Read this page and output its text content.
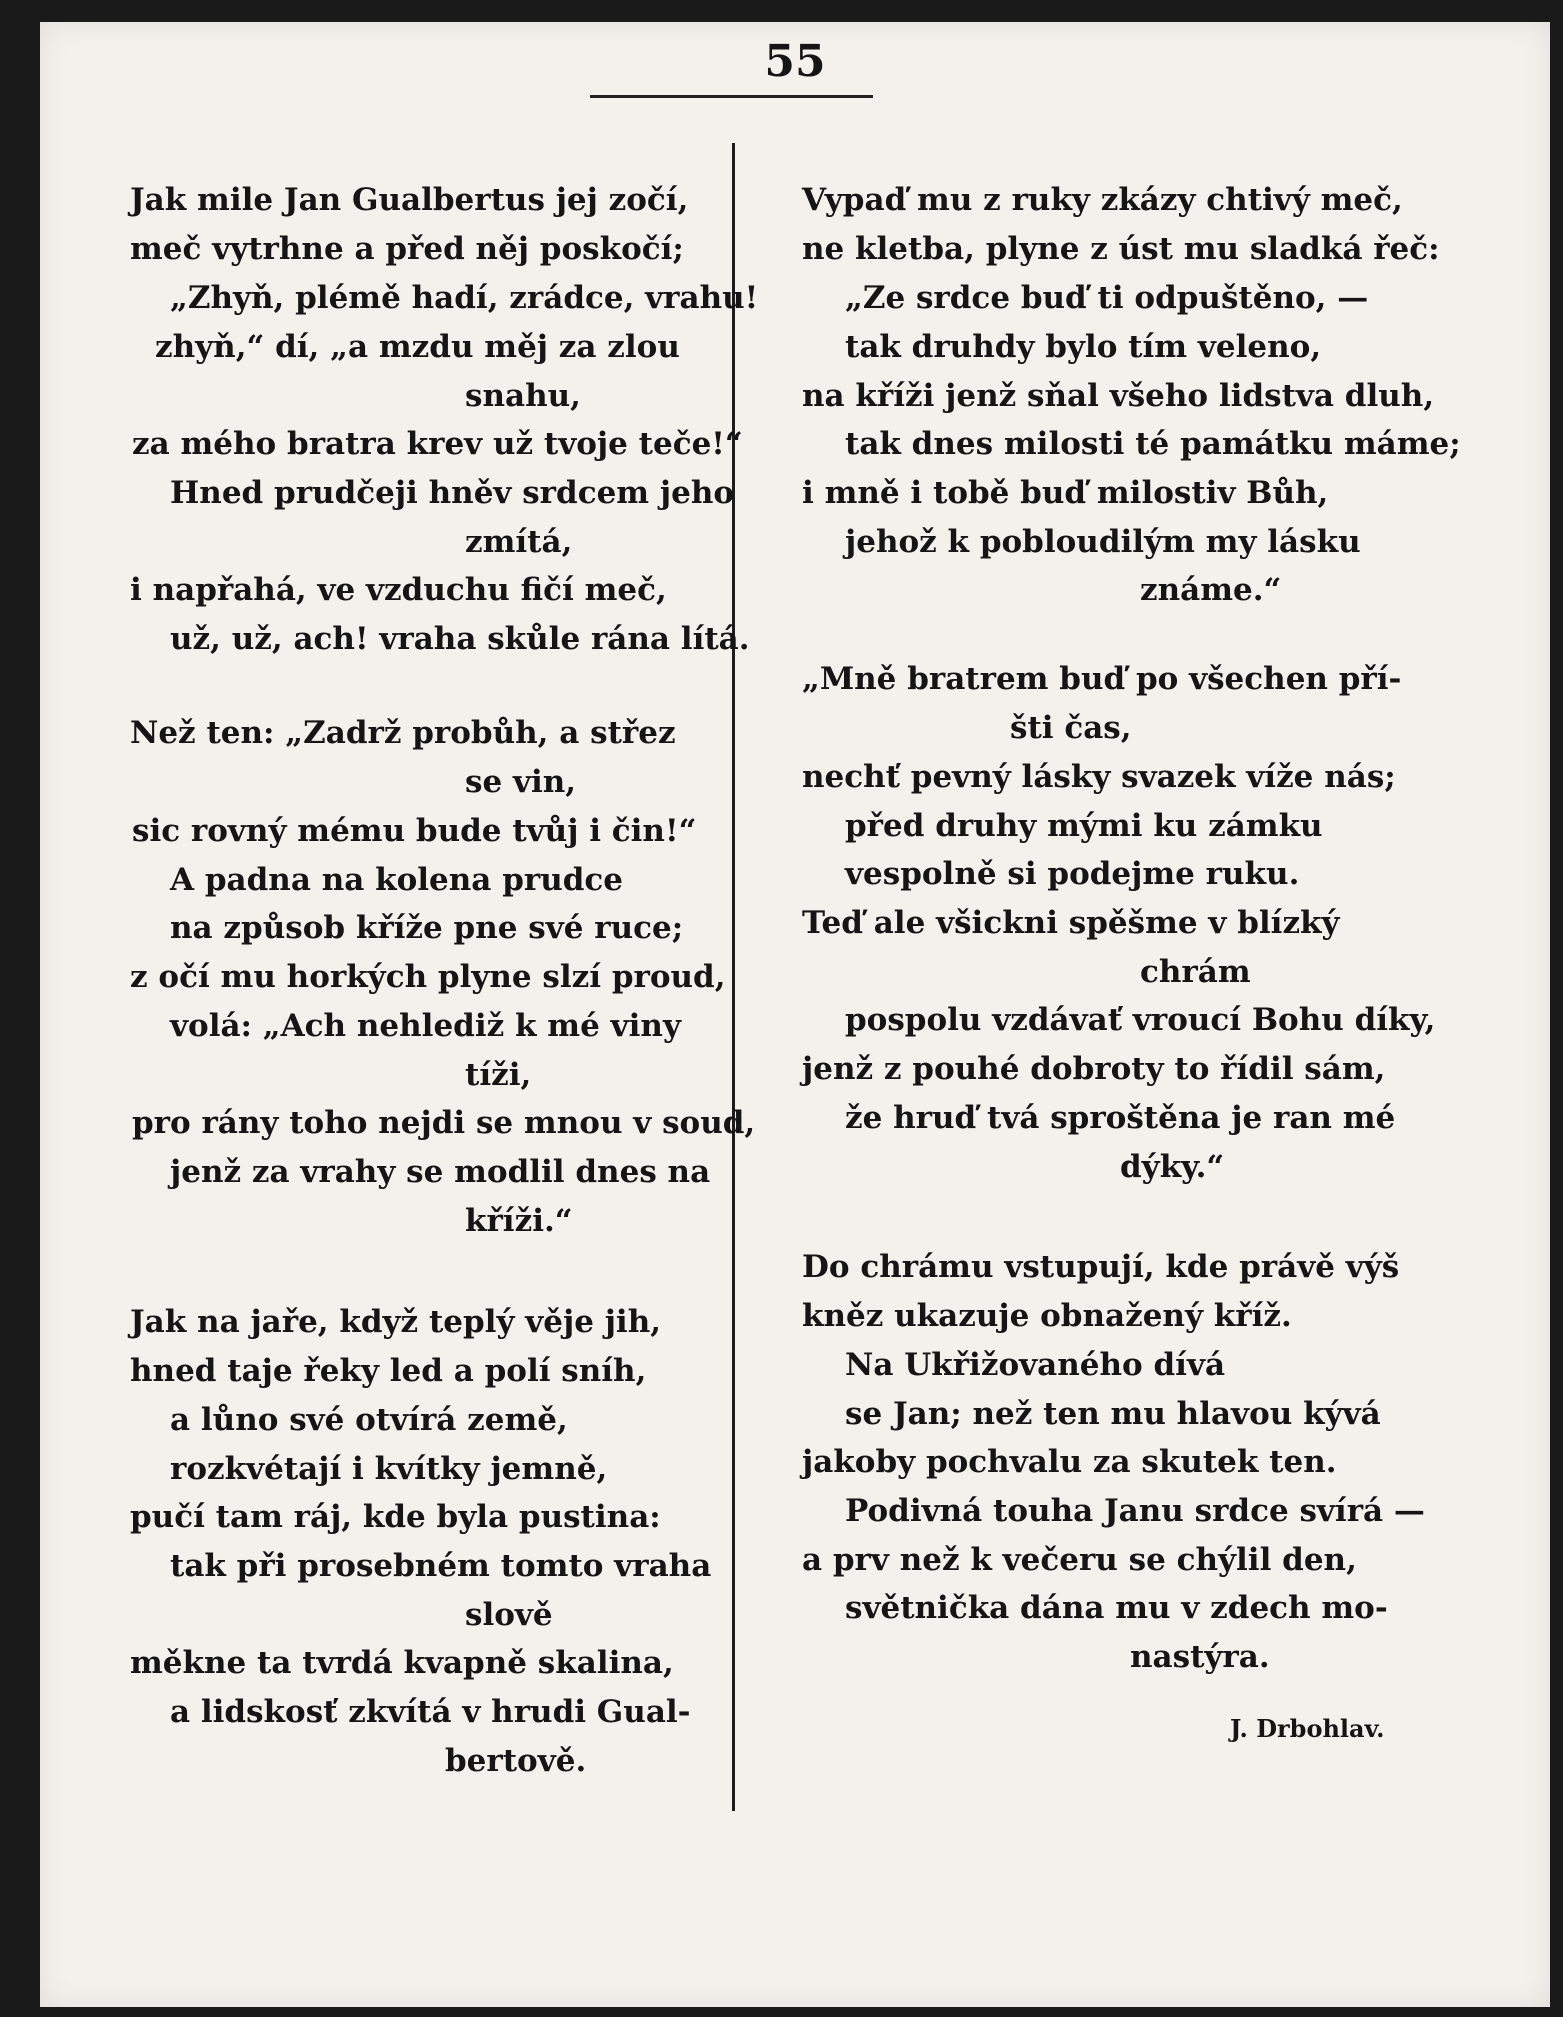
55
Jak mile Jan Gualbertus jej zočí,
meč vytrhne a před něj poskočí;
„Zhyň, plémě hadí, zrádce, vrahu!
zhyň,“ dí, „a mzdu měj za zlou
snahu,
za mého bratra krev už tvoje teče!“
Hned prudčeji hněv srdcem jeho
zmítá,
i napřahá, ve vzduchu fičí meč,
už, už, ach! vraha skůle rána lítá.
Než ten: „Zadrž probůh, a střez
se vin,
sic rovný mému bude tvůj i čin!“
A padna na kolena prudce
na způsob kříže pne své ruce;
z očí mu horkých plyne slzí proud,
volá: „Ach nehlediž k mé viny
tíži,
pro rány toho nejdi se mnou v soud,
jenž za vrahy se modlil dnes na
kříži.“
Jak na jaře, když teplý věje jih,
hned taje řeky led a polí sníh,
a lůno své otvírá země,
rozkvétají i kvítky jemně,
pučí tam ráj, kde byla pustina:
tak při prosebném tomto vraha
slově
měkne ta tvrdá kvapně skalina,
a lidskosť zkvítá v hrudi Gual-
bertově.
Vypaď mu z ruky zkázy chtivý meč,
ne kletba, plyne z úst mu sladká řeč:
„Ze srdce buď ti odpuštěno, —
tak druhdy bylo tím veleno,
na kříži jenž sňal všeho lidstva dluh,
tak dnes milosti té památku máme;
i mně i tobě buď milostiv Bůh,
jehož k pobloudilým my lásku
známe.“
„Mně bratrem buď po všechen pří-
šti čas,
nechť pevný lásky svazek víže nás;
před druhy mými ku zámku
vespolně si podejme ruku.
Teď ale všickni spěšme v blízký
chrám
pospolu vzdávať vroucí Bohu díky,
jenž z pouhé dobroty to řídil sám,
že hruď tvá sproštěna je ran mé
dýky.“
Do chrámu vstupují, kde právě výš
kněz ukazuje obnažený kříž.
Na Ukřižovaného dívá
se Jan; než ten mu hlavou kývá
jakoby pochvalu za skutek ten.
Podivná touha Janu srdce svírá —
a prv než k večeru se chýlil den,
světnička dána mu v zdech mo-
nastýra.
J. Drbohlav.
